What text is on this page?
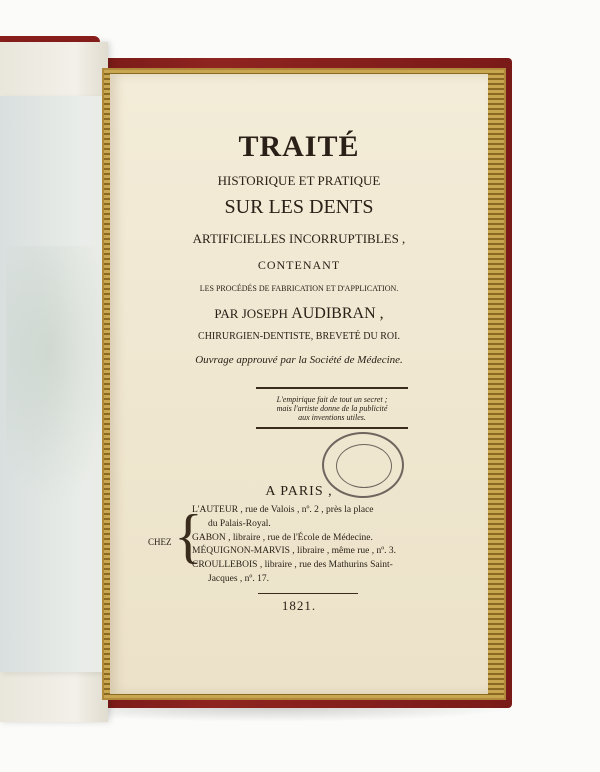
TRAITÉ
HISTORIQUE ET PRATIQUE
SUR LES DENTS
ARTIFICIELLES INCORRUPTIBLES ,
CONTENANT
LES PROCÉDÉS DE FABRICATION ET D'APPLICATION.
PAR JOSEPH AUDIBRAN ,
CHIRURGIEN-DENTISTE, BREVETÉ DU ROI.
Ouvrage approuvé par la Société de Médecine.
L'empirique fait de tout un secret ;
mais l'artiste donne de la publicité
aux inventions utiles.
A PARIS ,
CHEZ {
L'AUTEUR , rue de Valois , nº. 2 , près la place
du Palais-Royal.
GABON , libraire , rue de l'École de Médecine.
MÉQUIGNON-MARVIS , libraire , même rue , nº. 3.
CROULLEBOIS , libraire , rue des Mathurins Saint-
Jacques , nº. 17.
1821.
